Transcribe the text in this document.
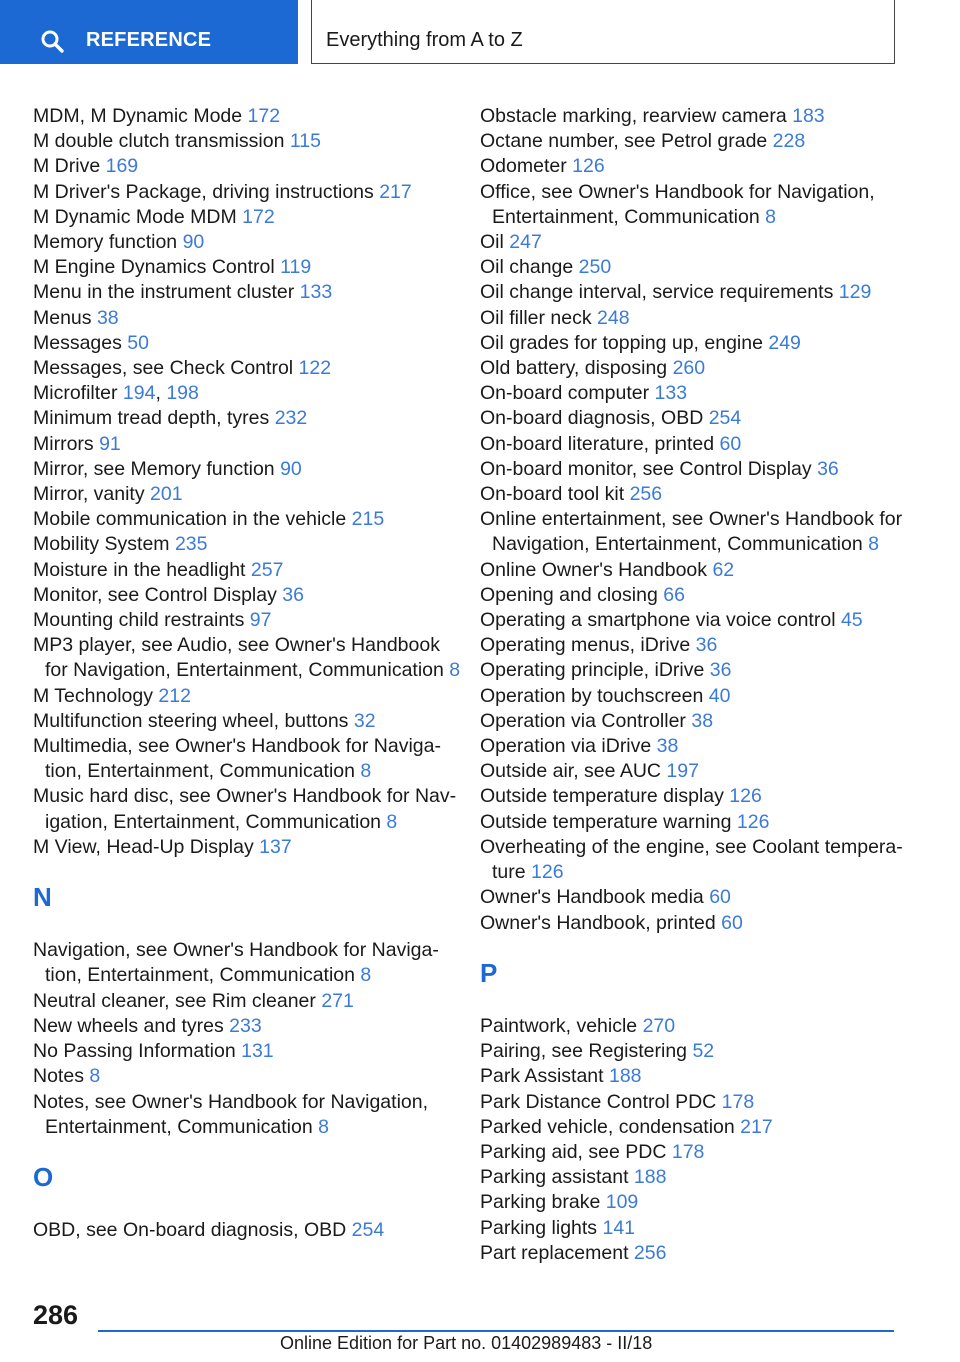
REFERENCE	Everything from A to Z
MDM, M Dynamic Mode 172
M double clutch transmission 115
M Drive 169
M Driver's Package, driving instructions 217
M Dynamic Mode MDM 172
Memory function 90
M Engine Dynamics Control 119
Menu in the instrument cluster 133
Menus 38
Messages 50
Messages, see Check Control 122
Microfilter 194, 198
Minimum tread depth, tyres 232
Mirrors 91
Mirror, see Memory function 90
Mirror, vanity 201
Mobile communication in the vehicle 215
Mobility System 235
Moisture in the headlight 257
Monitor, see Control Display 36
Mounting child restraints 97
MP3 player, see Audio, see Owner's Handbook for Navigation, Entertainment, Communication 8
M Technology 212
Multifunction steering wheel, buttons 32
Multimedia, see Owner's Handbook for Navigation, Entertainment, Communication 8
Music hard disc, see Owner's Handbook for Navigation, Entertainment, Communication 8
M View, Head-Up Display 137
N
Navigation, see Owner's Handbook for Navigation, Entertainment, Communication 8
Neutral cleaner, see Rim cleaner 271
New wheels and tyres 233
No Passing Information 131
Notes 8
Notes, see Owner's Handbook for Navigation, Entertainment, Communication 8
O
OBD, see On-board diagnosis, OBD 254
Obstacle marking, rearview camera 183
Octane number, see Petrol grade 228
Odometer 126
Office, see Owner's Handbook for Navigation, Entertainment, Communication 8
Oil 247
Oil change 250
Oil change interval, service requirements 129
Oil filler neck 248
Oil grades for topping up, engine 249
Old battery, disposing 260
On-board computer 133
On-board diagnosis, OBD 254
On-board literature, printed 60
On-board monitor, see Control Display 36
On-board tool kit 256
Online entertainment, see Owner's Handbook for Navigation, Entertainment, Communication 8
Online Owner's Handbook 62
Opening and closing 66
Operating a smartphone via voice control 45
Operating menus, iDrive 36
Operating principle, iDrive 36
Operation by touchscreen 40
Operation via Controller 38
Operation via iDrive 38
Outside air, see AUC 197
Outside temperature display 126
Outside temperature warning 126
Overheating of the engine, see Coolant temperature 126
Owner's Handbook media 60
Owner's Handbook, printed 60
P
Paintwork, vehicle 270
Pairing, see Registering 52
Park Assistant 188
Park Distance Control PDC 178
Parked vehicle, condensation 217
Parking aid, see PDC 178
Parking assistant 188
Parking brake 109
Parking lights 141
Part replacement 256
286
Online Edition for Part no. 01402989483 - II/18
